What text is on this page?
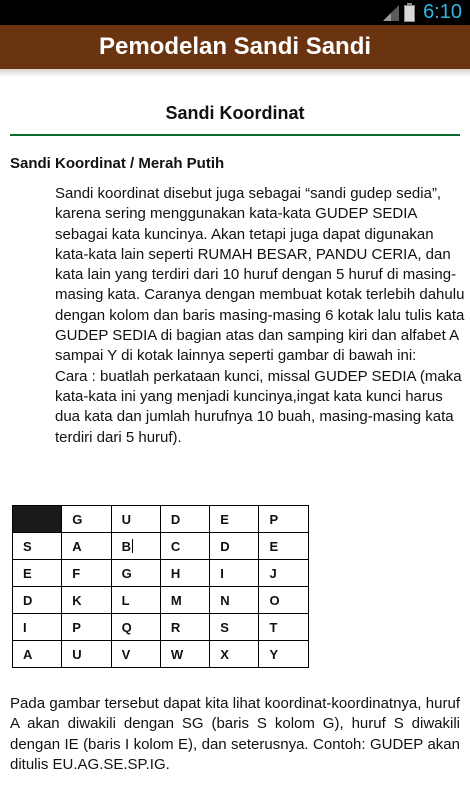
6:10
Pemodelan Sandi Sandi
Sandi Koordinat
Sandi Koordinat / Merah Putih

Sandi koordinat disebut juga sebagai “sandi gudep sedia”, karena sering menggunakan kata-kata GUDEP SEDIA sebagai kata kuncinya. Akan tetapi juga dapat digunakan kata-kata lain seperti RUMAH BESAR, PANDU CERIA, dan kata lain yang terdiri dari 10 huruf dengan 5 huruf di masing-masing kata. Caranya dengan membuat kotak terlebih dahulu dengan kolom dan baris masing-masing 6 kotak lalu tulis kata GUDEP SEDIA di bagian atas dan samping kiri dan alfabet A sampai Y di kotak lainnya seperti gambar di bawah ini:

Cara : buatlah perkataan kunci, missal GUDEP SEDIA (maka kata-kata ini yang menjadi kuncinya,ingat kata kunci harus dua kata dan jumlah hurufnya 10 buah, masing-masing kata terdiri dari 5 huruf).

	G	U	D	E	P
S	A	B	C	D	E
E	F	G	H	I	J
D	K	L	M	N	O
I	P	Q	R	S	T
A	U	V	W	X	Y
Pada gambar tersebut dapat kita lihat koordinat-koordinatnya, huruf A akan diwakili dengan SG (baris S kolom G), huruf S diwakili dengan IE (baris I kolom E), dan seterusnya. Contoh: GUDEP akan ditulis EU.AG.SE.SP.IG.
